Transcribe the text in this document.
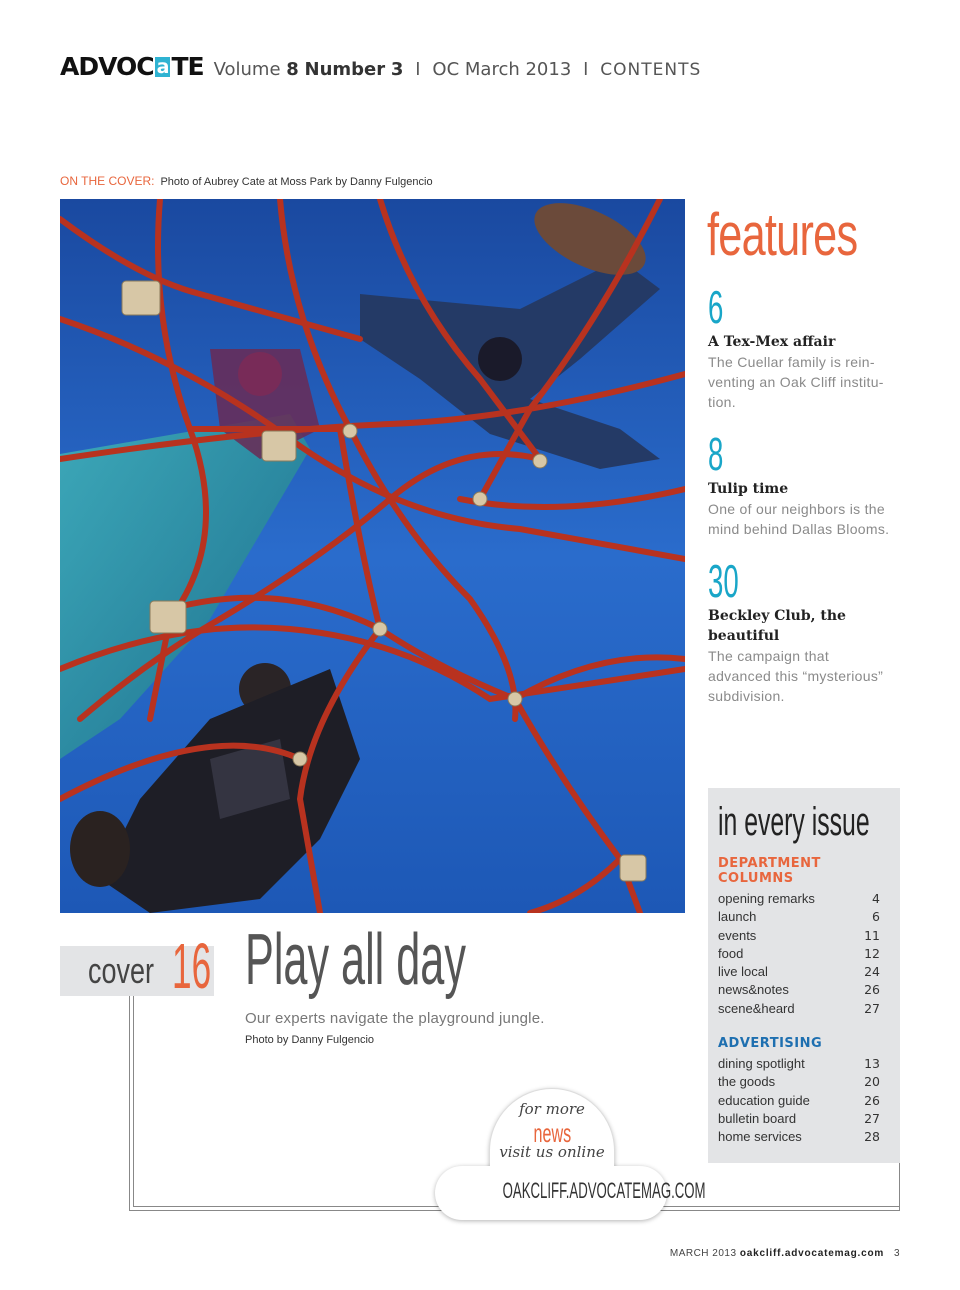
ADVOC a TE Volume 8 Number 3 I OC March 2013 I CONTENTS
ON THE COVER: Photo of Aubrey Cate at Moss Park by Danny Fulgencio
features
6
A Tex-Mex affair
The Cuellar family is rein-
venting an Oak Cliff institu-
tion.
8
Tulip time
One of our neighbors is the
mind behind Dallas Blooms.
30
Beckley Club, the
beautiful
The campaign that
advanced this “mysterious”
subdivision.
in every issue
DEPARTMENT
COLUMNS
opening remarks	4
launch	6
events	11
food	12
live local	24
news&notes	26
scene&heard	27
ADVERTISING
dining spotlight	13
the goods	20
education guide	26
bulletin board	27
home services	28
cover 16 Play all day
Our experts navigate the playground jungle.
Photo by Danny Fulgencio
for more
news
visit us online
OAKCLIFF.ADVOCATEMAG.COM
MARCH 2013 oakcliff.advocatemag.com 3
